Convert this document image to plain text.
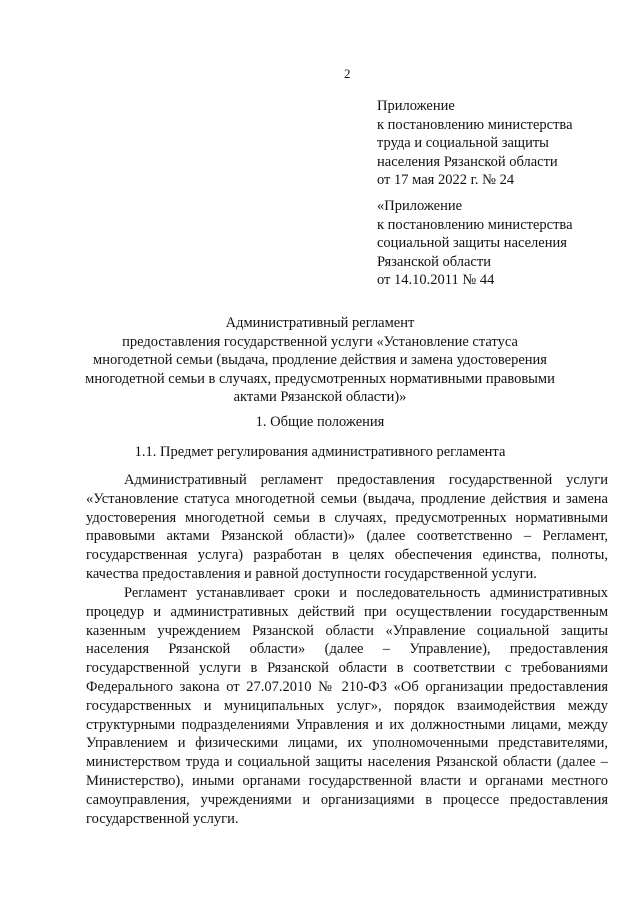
2
Приложение
к постановлению министерства
труда и социальной защиты
населения Рязанской области
от 17 мая 2022 г. № 24
«Приложение
к постановлению министерства
социальной защиты населения
Рязанской области
от 14.10.2011 № 44
Административный регламент
предоставления государственной услуги «Установление статуса
многодетной семьи (выдача, продление действия и замена удостоверения
многодетной семьи в случаях, предусмотренных нормативными правовыми
актами Рязанской области)»
1. Общие положения
1.1. Предмет регулирования административного регламента
Административный регламент предоставления государственной услуги
«Установление статуса многодетной семьи (выдача, продление действия и замена
удостоверения многодетной семьи в случаях, предусмотренных нормативными
правовыми актами Рязанской области)» (далее соответственно – Регламент,
государственная услуга) разработан в целях обеспечения единства, полноты,
качества предоставления и равной доступности государственной услуги.
Регламент устанавливает сроки и последовательность административных
процедур и административных действий при осуществлении государственным
казенным учреждением Рязанской области «Управление социальной защиты
населения Рязанской области» (далее – Управление), предоставления
государственной услуги в Рязанской области в соответствии с требованиями
Федерального закона от 27.07.2010 № 210-ФЗ «Об организации предоставления
государственных и муниципальных услуг», порядок взаимодействия между
структурными подразделениями Управления и их должностными лицами, между
Управлением и физическими лицами, их уполномоченными представителями,
министерством труда и социальной защиты населения Рязанской области (далее –
Министерство), иными органами государственной власти и органами местного
самоуправления, учреждениями и организациями в процессе предоставления
государственной услуги.
